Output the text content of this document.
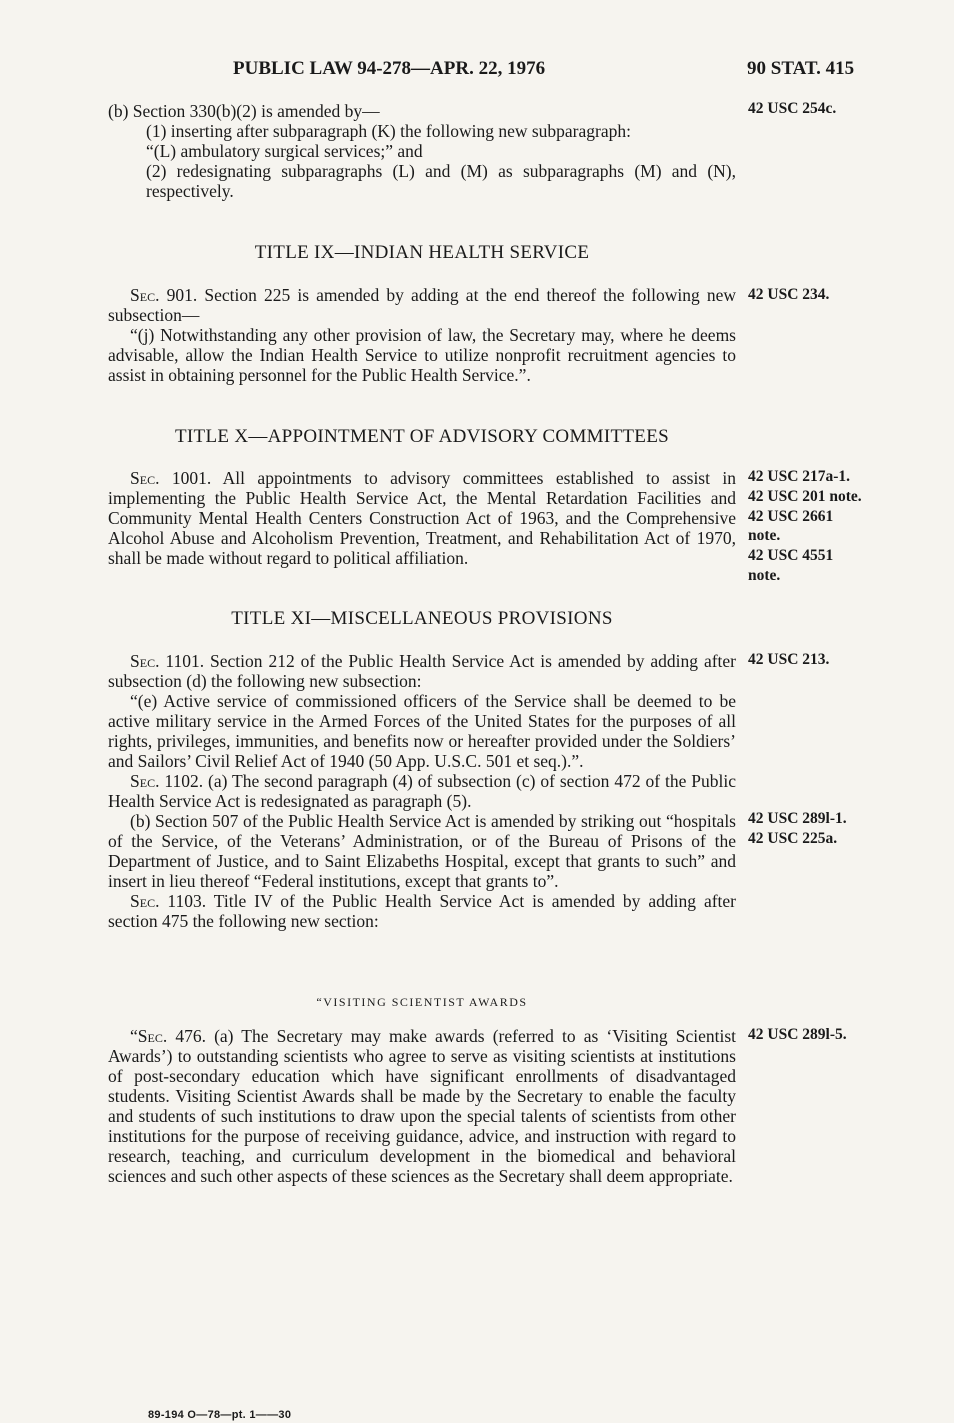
PUBLIC LAW 94-278—APR. 22, 1976	90 STAT. 415

(b) Section 330(b)(2) is amended by—

(1) inserting after subparagraph (K) the following new subparagraph:

“(L) ambulatory surgical services;” and

(2) redesignating subparagraphs (L) and (M) as subparagraphs (M) and (N), respectively.

TITLE IX—INDIAN HEALTH SERVICE

Sec. 901. Section 225 is amended by adding at the end thereof the following new subsection—

“(j) Notwithstanding any other provision of law, the Secretary may, where he deems advisable, allow the Indian Health Service to utilize nonprofit recruitment agencies to assist in obtaining personnel for the Public Health Service.”.

TITLE X—APPOINTMENT OF ADVISORY COMMITTEES

Sec. 1001. All appointments to advisory committees established to assist in implementing the Public Health Service Act, the Mental Retardation Facilities and Community Mental Health Centers Construction Act of 1963, and the Comprehensive Alcohol Abuse and Alcoholism Prevention, Treatment, and Rehabilitation Act of 1970, shall be made without regard to political affiliation.

TITLE XI—MISCELLANEOUS PROVISIONS

Sec. 1101. Section 212 of the Public Health Service Act is amended by adding after subsection (d) the following new subsection:

“(e) Active service of commissioned officers of the Service shall be deemed to be active military service in the Armed Forces of the United States for the purposes of all rights, privileges, immunities, and benefits now or hereafter provided under the Soldiers’ and Sailors’ Civil Relief Act of 1940 (50 App. U.S.C. 501 et seq.).”.

Sec. 1102. (a) The second paragraph (4) of subsection (c) of section 472 of the Public Health Service Act is redesignated as paragraph (5).

(b) Section 507 of the Public Health Service Act is amended by striking out “hospitals of the Service, of the Veterans’ Administration, or of the Bureau of Prisons of the Department of Justice, and to Saint Elizabeths Hospital, except that grants to such” and insert in lieu thereof “Federal institutions, except that grants to”.

Sec. 1103. Title IV of the Public Health Service Act is amended by adding after section 475 the following new section:

“VISITING SCIENTIST AWARDS

“Sec. 476. (a) The Secretary may make awards (referred to as ‘Visiting Scientist Awards’) to outstanding scientists who agree to serve as visiting scientists at institutions of post-secondary education which have significant enrollments of disadvantaged students. Visiting Scientist Awards shall be made by the Secretary to enable the faculty and students of such institutions to draw upon the special talents of scientists from other institutions for the purpose of receiving guidance, advice, and instruction with regard to research, teaching, and curriculum development in the biomedical and behavioral sciences and such other aspects of these sciences as the Secretary shall deem appropriate.

42 USC 254c.
42 USC 234.
42 USC 217a-1.
42 USC 201 note.
42 USC 2661
note.
42 USC 4551
note.
42 USC 213.
42 USC 289l-1.
42 USC 225a.
42 USC 289l-5.
89-194 O—78—pt. 1——30
